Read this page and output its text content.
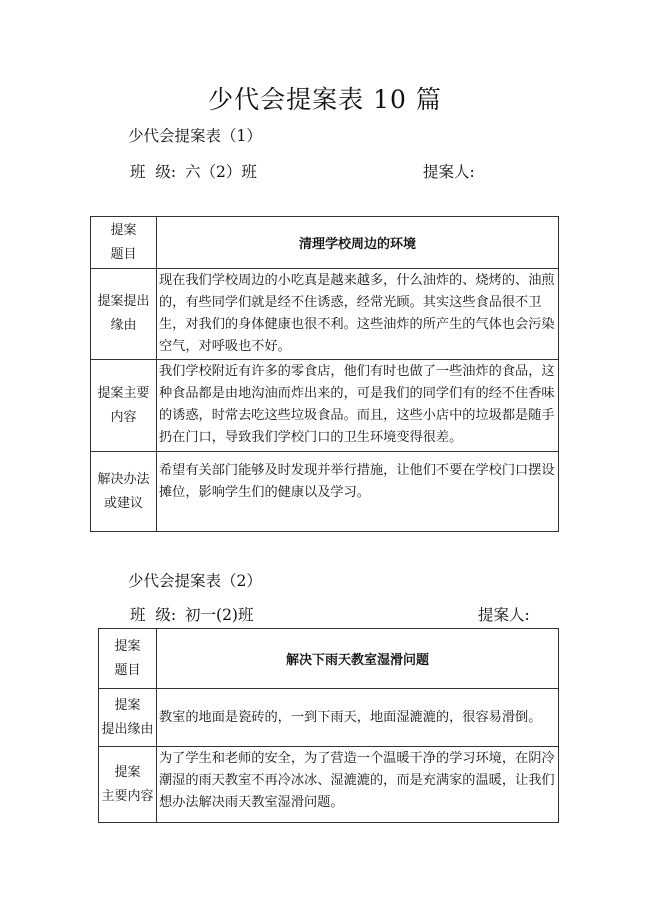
少代会提案表 10 篇
少代会提案表（1）
班  级: 六（2）班	提案人:
提案
题目	清理学校周边的环境

提案提出
缘由	现在我们学校周边的小吃真是越来越多，什么油炸的、烧烤的、油煎的，有些同学们就是经不住诱惑，经常光顾。其实这些食品很不卫生，对我们的身体健康也很不利。这些油炸的所产生的气体也会污染空气，对呼吸也不好。

提案主要
内容	我们学校附近有许多的零食店，他们有时也做了一些油炸的食品，这种食品都是由地沟油而炸出来的，可是我们的同学们有的经不住香味的诱惑，时常去吃这些垃圾食品。而且，这些小店中的垃圾都是随手扔在门口，导致我们学校门口的卫生环境变得很差。

解决办法
或建议	希望有关部门能够及时发现并举行措施，让他们不要在学校门口摆设摊位，影响学生们的健康以及学习。
少代会提案表（2）
班  级: 初一(2)班	提案人:
提案
题目	解决下雨天教室湿滑问题

提案
提出缘由	教室的地面是瓷砖的，一到下雨天，地面湿漉漉的，很容易滑倒。

提案
主要内容	为了学生和老师的安全，为了营造一个温暖干净的学习环境，在阴冷潮湿的雨天教室不再冷冰冰、湿漉漉的，而是充满家的温暖，让我们想办法解决雨天教室湿滑问题。
